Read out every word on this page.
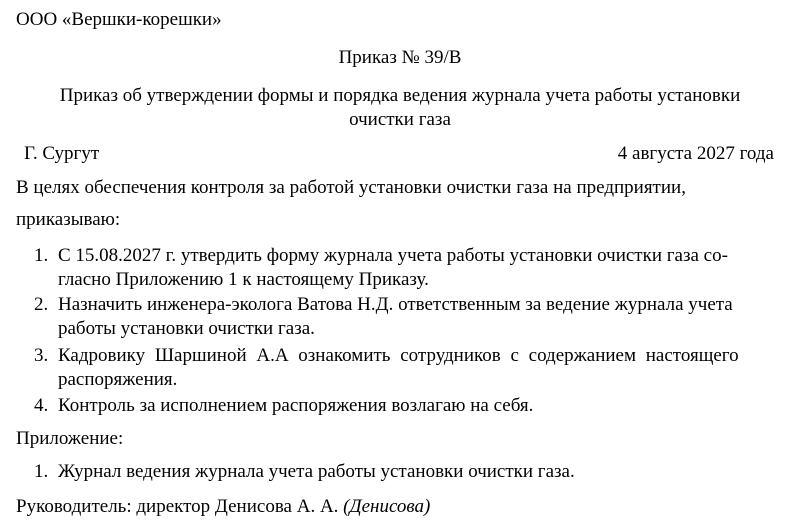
ООО «Вершки-корешки»
Приказ № 39/В
Приказ об утверждении формы и порядка ведения журнала учета работы установки
очистки газа
Г. Сургут	4 августа 2027 года
В целях обеспечения контроля за работой установки очистки газа на предприятии,
приказываю:
1. С 15.08.2027 г. утвердить форму журнала учета работы установки очистки газа со-
гласно Приложению 1 к настоящему Приказу.
2. Назначить инженера-эколога Ватова Н.Д. ответственным за ведение журнала учета
работы установки очистки газа.
3. Кадровику Шаршиной А.А ознакомить сотрудников с содержанием настоящего
распоряжения.
4. Контроль за исполнением распоряжения возлагаю на себя.
Приложение:
1. Журнал ведения журнала учета работы установки очистки газа.
Руководитель: директор Денисова А. А. (Денисова)
